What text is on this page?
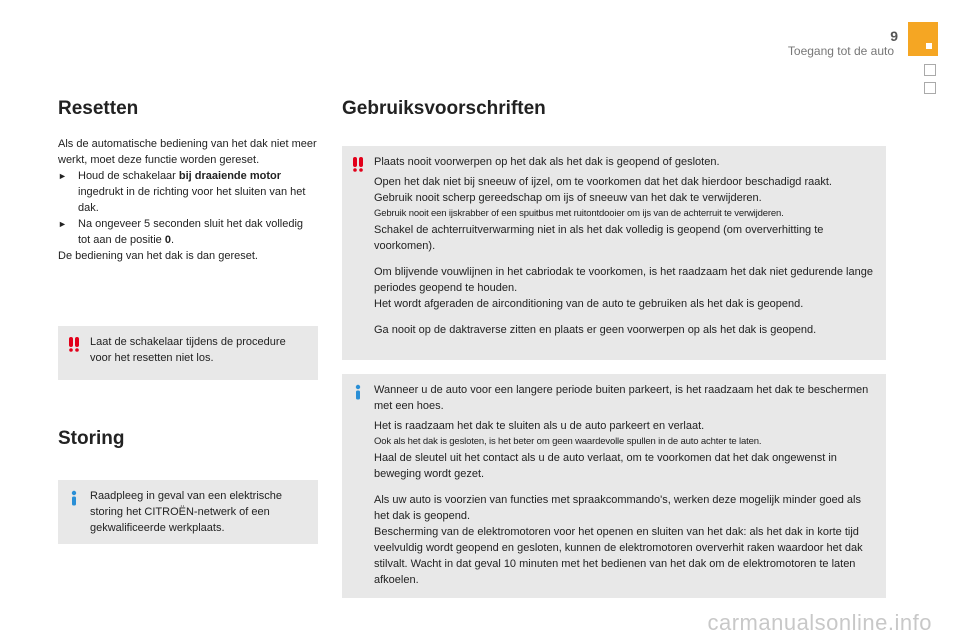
9
Toegang tot de auto
Resetten

Als de automatische bediening van het dak niet meer werkt, moet deze functie worden gereset.

►	Houd de schakelaar bij draaiende motor ingedrukt in de richting voor het sluiten van het dak.
►	Na ongeveer 5 seconden sluit het dak volledig tot aan de positie 0.

De bediening van het dak is dan gereset.

Laat de schakelaar tijdens de procedure voor het resetten niet los.

Storing

Raadpleeg in geval van een elektrische storing het CITROËN-netwerk of een gekwalificeerde werkplaats.

Gebruiksvoorschriften

Plaats nooit voorwerpen op het dak als het dak is geopend of gesloten.

Open het dak niet bij sneeuw of ijzel, om te voorkomen dat het dak hierdoor beschadigd raakt.

Gebruik nooit scherp gereedschap om ijs of sneeuw van het dak te verwijderen.

Gebruik nooit een ijskrabber of een spuitbus met ruitontdooier om ijs van de achterruit te verwijderen.

Schakel de achterruitverwarming niet in als het dak volledig is geopend (om oververhitting te voorkomen).

Om blijvende vouwlijnen in het cabriodak te voorkomen, is het raadzaam het dak niet gedurende lange periodes geopend te houden.

Het wordt afgeraden de airconditioning van de auto te gebruiken als het dak is geopend.

Ga nooit op de daktraverse zitten en plaats er geen voorwerpen op als het dak is geopend.

Wanneer u de auto voor een langere periode buiten parkeert, is het raadzaam het dak te beschermen met een hoes.

Het is raadzaam het dak te sluiten als u de auto parkeert en verlaat.

Ook als het dak is gesloten, is het beter om geen waardevolle spullen in de auto achter te laten.

Haal de sleutel uit het contact als u de auto verlaat, om te voorkomen dat het dak ongewenst in beweging wordt gezet.

Als uw auto is voorzien van functies met spraakcommando's, werken deze mogelijk minder goed als het dak is geopend.

Bescherming van de elektromotoren voor het openen en sluiten van het dak: als het dak in korte tijd veelvuldig wordt geopend en gesloten, kunnen de elektromotoren oververhit raken waardoor het dak stilvalt. Wacht in dat geval 10 minuten met het bedienen van het dak om de elektromotoren te laten afkoelen.

carmanualsonline.info
